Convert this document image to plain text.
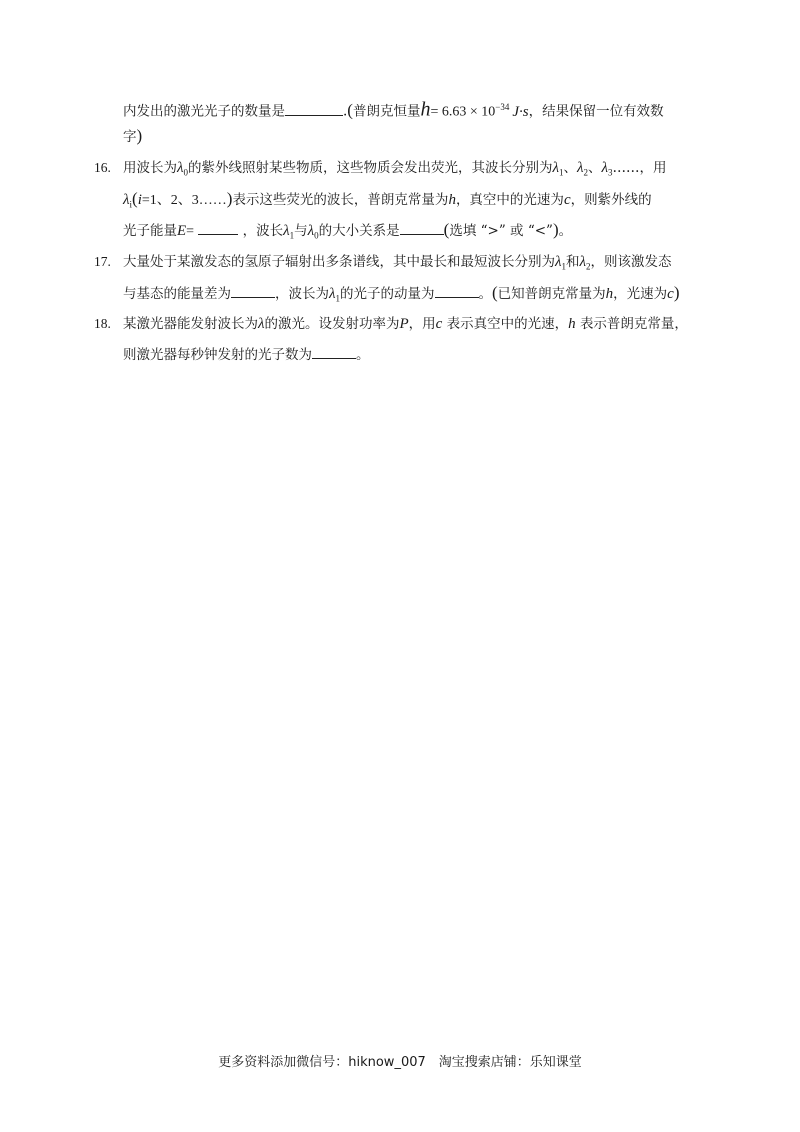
内发出的激光光子的数量是	.(普朗克恒量$h= 6.63 \times 10^{-34}$ J·s，结果保留一位有效数
字)
16. 用波长为$\lambda_0$的紫外线照射某些物质，这些物质会发出荧光，其波长分别为$\lambda_1$、$\lambda_2$、$\lambda_3\dots\dots$，用
$\lambda_i(i=1$、2、3……)表示这些荧光的波长，普朗克常量为h，真空中的光速为c，则紫外线的
光子能量E=	，波长$\lambda_1$与$\lambda_0$的大小关系是	(选填 “>” 或 “<”)。
17. 大量处于某激发态的氢原子辐射出多条谱线，其中最长和最短波长分别为$\lambda_1$和$\lambda_2$，则该激发态
与基态的能量差为	，波长为$\lambda_1$的光子的动量为	。(已知普朗克常量为h，光速为c)
18. 某激光器能发射波长为λ的激光。设发射功率为P，用c 表示真空中的光速，h 表示普朗克常量，
则激光器每秒钟发射的光子数为	。
更多资料添加微信号：hiknow_007　淘宝搜索店铺：乐知课堂
